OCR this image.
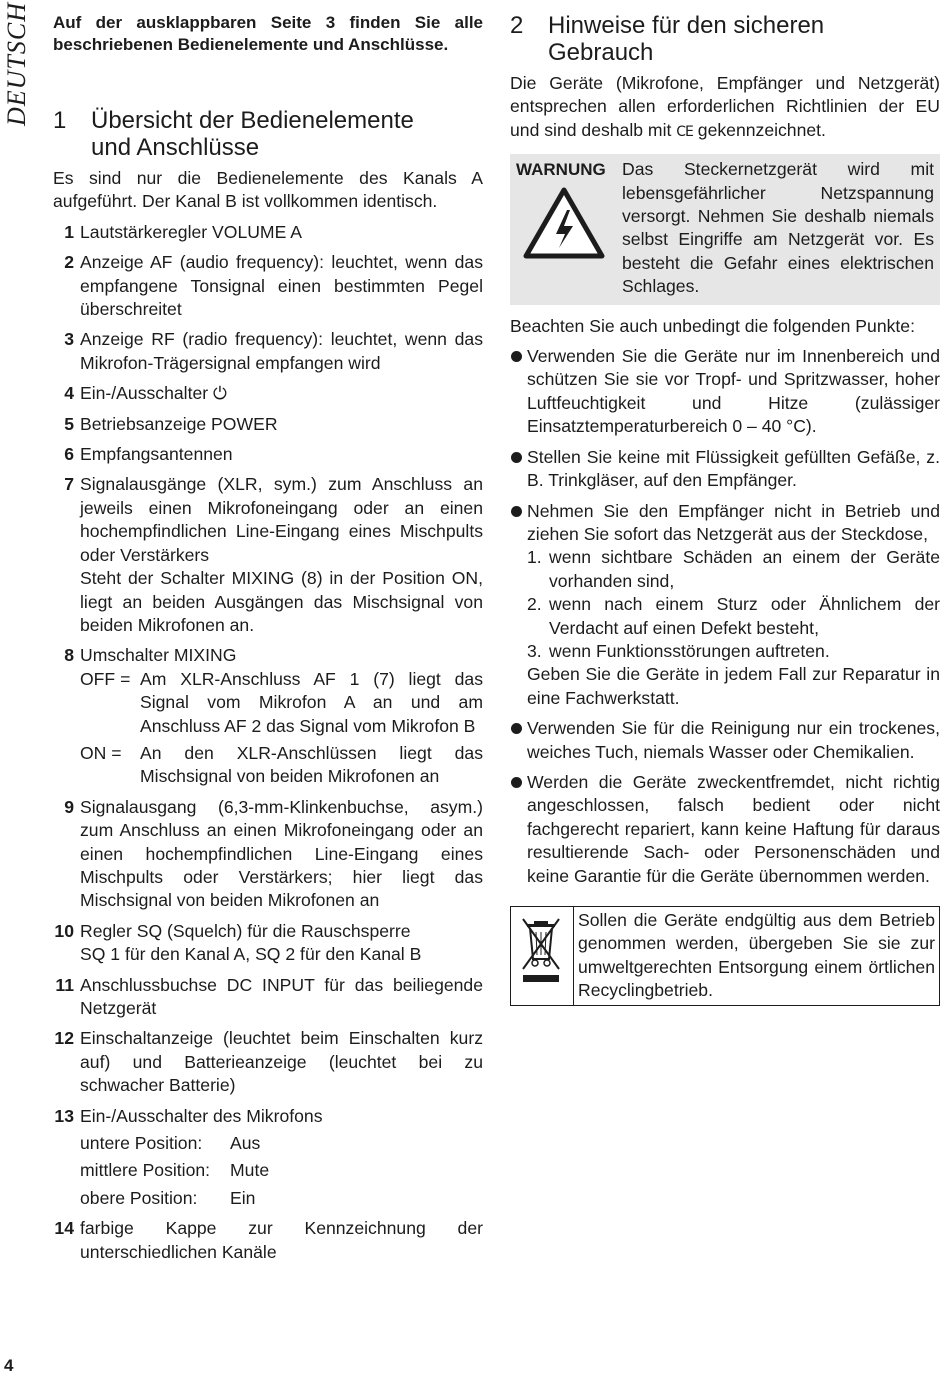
DEUTSCH
4

Auf der ausklappbaren Seite 3 finden Sie alle beschriebenen Bedienelemente und Anschlüsse.

1	Übersicht der Bedienelemente
und Anschlüsse

Es sind nur die Bedienelemente des Kanals A aufgeführt. Der Kanal B ist vollkommen identisch.

1 Lautstärkeregler VOLUME A
2 Anzeige AF (audio frequency): leuchtet, wenn das empfangene Tonsignal einen bestimmten Pegel überschreitet
3 Anzeige RF (radio frequency): leuchtet, wenn das Mikrofon-Trägersignal empfangen wird
4 Ein-/Ausschalter ⏻
5 Betriebsanzeige POWER
6 Empfangsantennen
7 Signalausgänge (XLR, sym.) zum Anschluss an jeweils einen Mikrofoneingang oder an einen hochempfindlichen Line-Eingang eines Mischpults oder Verstärkers
Steht der Schalter MIXING (8) in der Position ON, liegt an beiden Ausgängen das Mischsignal von beiden Mikrofonen an.
8 Umschalter MIXING
OFF = Am XLR-Anschluss AF 1 (7) liegt das Signal vom Mikrofon A an und am Anschluss AF 2 das Signal vom Mikrofon B
ON =	An den XLR-Anschlüssen liegt das Mischsignal von beiden Mikrofonen an
9 Signalausgang (6,3-mm-Klinkenbuchse, asym.) zum Anschluss an einen Mikrofoneingang oder an einen hochempfindlichen Line-Eingang eines Mischpults oder Verstärkers; hier liegt das Mischsignal von beiden Mikrofonen an
10 Regler SQ (Squelch) für die Rauschsperre
SQ 1 für den Kanal A, SQ 2 für den Kanal B
11 Anschlussbuchse DC INPUT für das beiliegende Netzgerät
12 Einschaltanzeige (leuchtet beim Einschalten kurz auf) und Batterieanzeige (leuchtet bei zu schwacher Batterie)
13 Ein-/Ausschalter des Mikrofons
untere Position:	Aus
mittlere Position:	Mute
obere Position:	Ein
14 farbige Kappe zur Kennzeichnung der unterschiedlichen Kanäle
2	Hinweise für den sicheren
Gebrauch

Die Geräte (Mikrofone, Empfänger und Netzgerät) entsprechen allen erforderlichen Richtlinien der EU und sind deshalb mit CE gekennzeichnet.

WARNUNG Das Steckernetzgerät wird mit lebensgefährlicher Netzspannung versorgt. Nehmen Sie deshalb niemals selbst Eingriffe am Netzgerät vor. Es besteht die Gefahr eines elektrischen Schlages.

Beachten Sie auch unbedingt die folgenden Punkte:

Verwenden Sie die Geräte nur im Innenbereich und schützen Sie sie vor Tropf- und Spritzwasser, hoher Luftfeuchtigkeit und Hitze (zulässiger Einsatztemperaturbereich 0 – 40 °C).
Stellen Sie keine mit Flüssigkeit gefüllten Gefäße, z. B. Trinkgläser, auf den Empfänger.
Nehmen Sie den Empfänger nicht in Betrieb und ziehen Sie sofort das Netzgerät aus der Steckdose,
1. wenn sichtbare Schäden an einem der Geräte vorhanden sind,
2. wenn nach einem Sturz oder Ähnlichem der Verdacht auf einen Defekt besteht,
3. wenn Funktionsstörungen auftreten.
Geben Sie die Geräte in jedem Fall zur Reparatur in eine Fachwerkstatt.
Verwenden Sie für die Reinigung nur ein trockenes, weiches Tuch, niemals Wasser oder Chemikalien.
Werden die Geräte zweckentfremdet, nicht richtig angeschlossen, falsch bedient oder nicht fachgerecht repariert, kann keine Haftung für daraus resultierende Sach- oder Personenschäden und keine Garantie für die Geräte übernommen werden.
Sollen die Geräte endgültig aus dem Betrieb genommen werden, übergeben Sie sie zur umweltgerechten Entsorgung einem örtlichen Recyclingbetrieb.
